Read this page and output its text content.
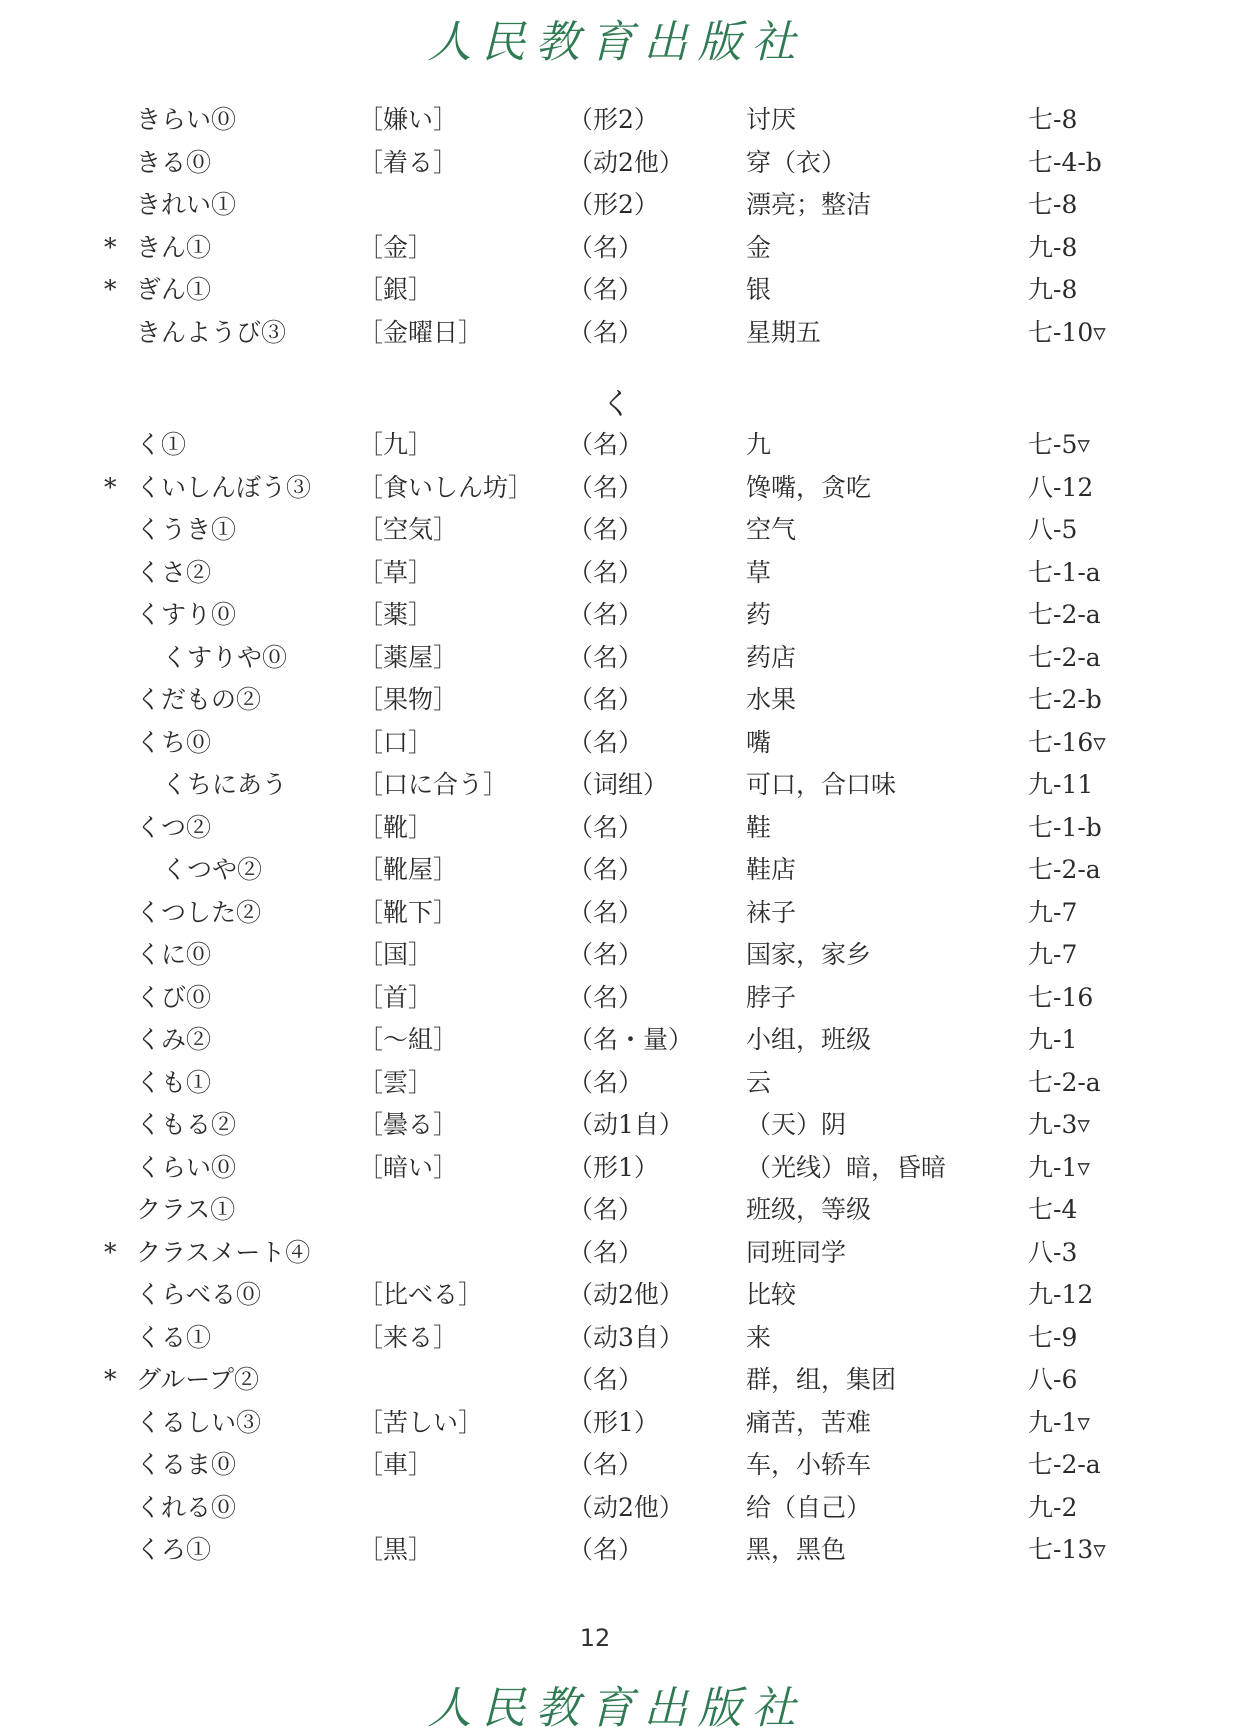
人民教育出版社
きらい⓪	［嫌い］	（形2）	讨厌	七-8
きる⓪	［着る］	（动2他） 穿（衣）	七-4-b
きれい①	（形2）	漂亮；整洁	七-8
* きん①	［金］	（名）	金	九-8
* ぎん①	［銀］	（名）	银	九-8
きんようび③	［金曜日］	（名）	星期五	七-10▿
く
く①	［九］	（名）	九	七-5▿
* くいしんぼう③ ［食いしん坊］ （名）	馋嘴，贪吃	八-12
くうき①	［空気］	（名）	空气	八-5
くさ②	［草］	（名）	草	七-1-a
くすり⓪	［薬］	（名）	药	七-2-a
くすりや⓪	［薬屋］	（名）	药店	七-2-a
くだもの②	［果物］	（名）	水果	七-2-b
くち⓪	［口］	（名）	嘴	七-16▿
くちにあう	［口に合う］ （词组）	可口，合口味	九-11
くつ②	［靴］	（名）	鞋	七-1-b
くつや②	［靴屋］	（名）	鞋店	七-2-a
くつした②	［靴下］	（名）	袜子	九-7
くに⓪	［国］	（名）	国家，家乡	九-7
くび⓪	［首］	（名）	脖子	七-16
くみ②	［～組］	（名・量） 小组，班级	九-1
くも①	［雲］	（名）	云	七-2-a
くもる②	［曇る］	（动1自） （天）阴	九-3▿
くらい⓪	［暗い］	（形1）	（光线）暗，昏暗	九-1▿
クラス①	（名）	班级，等级	七-4
* クラスメート④	（名）	同班同学	八-3
くらべる⓪	［比べる］	（动2他） 比较	九-12
くる①	［来る］	（动3自） 来	七-9
* グループ②	（名）	群，组，集团	八-6
くるしい③	［苦しい］	（形1）	痛苦，苦难	九-1▿
くるま⓪	［車］	（名）	车，小轿车	七-2-a
くれる⓪	（动2他） 给（自己）	九-2
くろ①	［黒］	（名）	黑，黑色	七-13▿
12
人民教育出版社
